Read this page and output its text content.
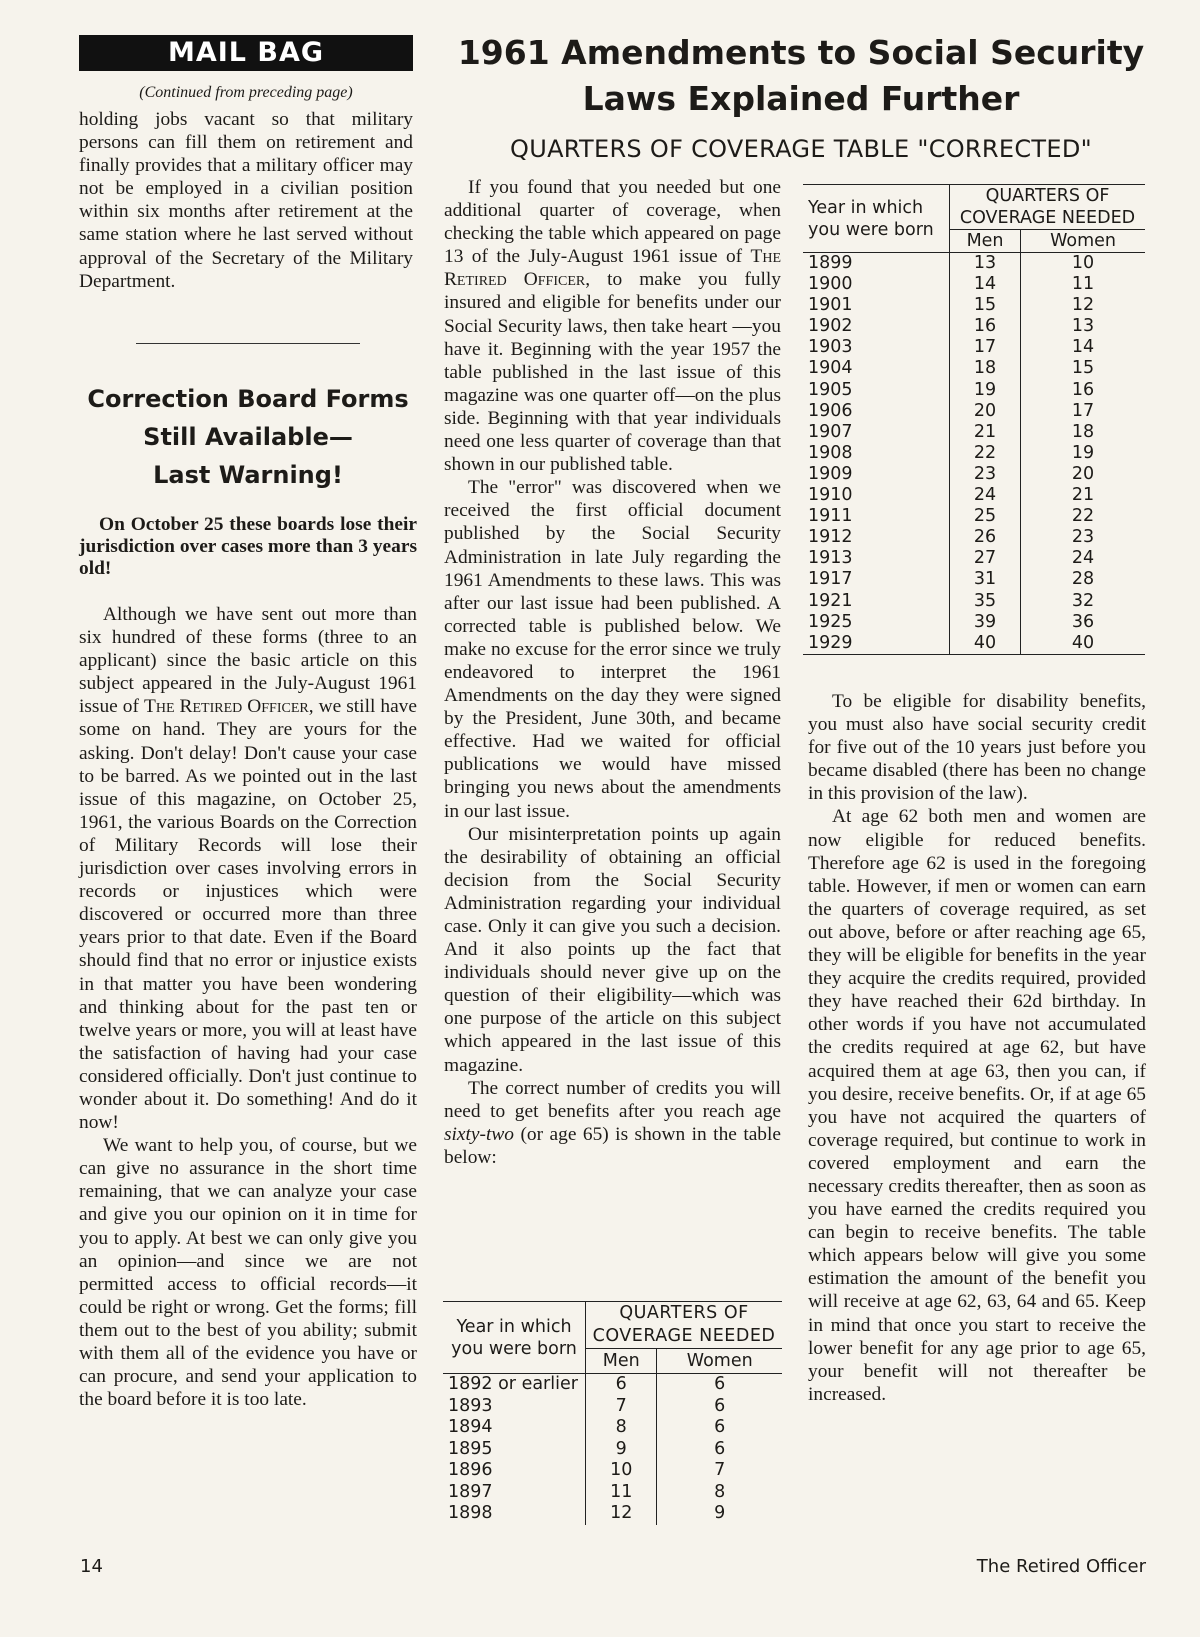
MAIL BAG
(Continued from preceding page)

holding jobs vacant so that military persons can fill them on retirement and finally provides that a military officer may not be employed in a civilian position within six months after retirement at the same station where he last served without approval of the Secretary of the Military Department.

Correction Board Forms
Still Available—
Last Warning!
On October 25 these boards lose their jurisdiction over cases more than 3 years old!

Although we have sent out more than six hundred of these forms (three to an applicant) since the basic article on this subject appeared in the July-August 1961 issue of The Retired Officer, we still have some on hand. They are yours for the asking. Don't delay! Don't cause your case to be barred. As we pointed out in the last issue of this magazine, on October 25, 1961, the various Boards on the Correction of Military Records will lose their jurisdiction over cases involving errors in records or injustices which were discovered or occurred more than three years prior to that date. Even if the Board should find that no error or injustice exists in that matter you have been wondering and thinking about for the past ten or twelve years or more, you will at least have the satisfaction of having had your case considered officially. Don't just continue to wonder about it. Do something! And do it now!

We want to help you, of course, but we can give no assurance in the short time remaining, that we can analyze your case and give you our opinion on it in time for you to apply. At best we can only give you an opinion—and since we are not permitted access to official records—it could be right or wrong. Get the forms; fill them out to the best of you ability; submit with them all of the evidence you have or can procure, and send your application to the board before it is too late.

1961 Amendments to Social Security
Laws Explained Further
QUARTERS OF COVERAGE TABLE "CORRECTED"

If you found that you needed but one additional quarter of coverage, when checking the table which appeared on page 13 of the July-August 1961 issue of The Retired Officer, to make you fully insured and eligible for benefits under our Social Security laws, then take heart —you have it. Beginning with the year 1957 the table published in the last issue of this magazine was one quarter off—on the plus side. Beginning with that year individuals need one less quarter of coverage than that shown in our published table.

The "error" was discovered when we received the first official document published by the Social Security Administration in late July regarding the 1961 Amendments to these laws. This was after our last issue had been published. A corrected table is published below. We make no excuse for the error since we truly endeavored to interpret the 1961 Amendments on the day they were signed by the President, June 30th, and became effective. Had we waited for official publications we would have missed bringing you news about the amendments in our last issue.

Our misinterpretation points up again the desirability of obtaining an official decision from the Social Security Administration regarding your individual case. Only it can give you such a decision. And it also points up the fact that individuals should never give up on the question of their eligibility—which was one purpose of the article on this subject which appeared in the last issue of this magazine.

The correct number of credits you will need to get benefits after you reach age sixty-two (or age 65) is shown in the table below:

Year in which you were born	QUARTERS OF COVERAGE NEEDED	
	Men	Women
1892 or earlier	6	6
1893	7	6
1894	8	6
1895	9	6
1896	10	7
1897	11	8
1898	12	9
Year in which you were born	QUARTERS OF COVERAGE NEEDED	
	Men	Women
1899	13	10
1900	14	11
1901	15	12
1902	16	13
1903	17	14
1904	18	15
1905	19	16
1906	20	17
1907	21	18
1908	22	19
1909	23	20
1910	24	21
1911	25	22
1912	26	23
1913	27	24
1917	31	28
1921	35	32
1925	39	36
1929	40	40

To be eligible for disability benefits, you must also have social security credit for five out of the 10 years just before you became disabled (there has been no change in this provision of the law).

At age 62 both men and women are now eligible for reduced benefits. Therefore age 62 is used in the foregoing table. However, if men or women can earn the quarters of coverage required, as set out above, before or after reaching age 65, they will be eligible for benefits in the year they acquire the credits required, provided they have reached their 62d birthday. In other words if you have not accumulated the credits required at age 62, but have acquired them at age 63, then you can, if you desire, receive benefits. Or, if at age 65 you have not acquired the quarters of coverage required, but continue to work in covered employment and earn the necessary credits thereafter, then as soon as you have earned the credits required you can begin to receive benefits. The table which appears below will give you some estimation the amount of the benefit you will receive at age 62, 63, 64 and 65. Keep in mind that once you start to receive the lower benefit for any age prior to age 65, your benefit will not thereafter be increased.

14	The Retired Officer
